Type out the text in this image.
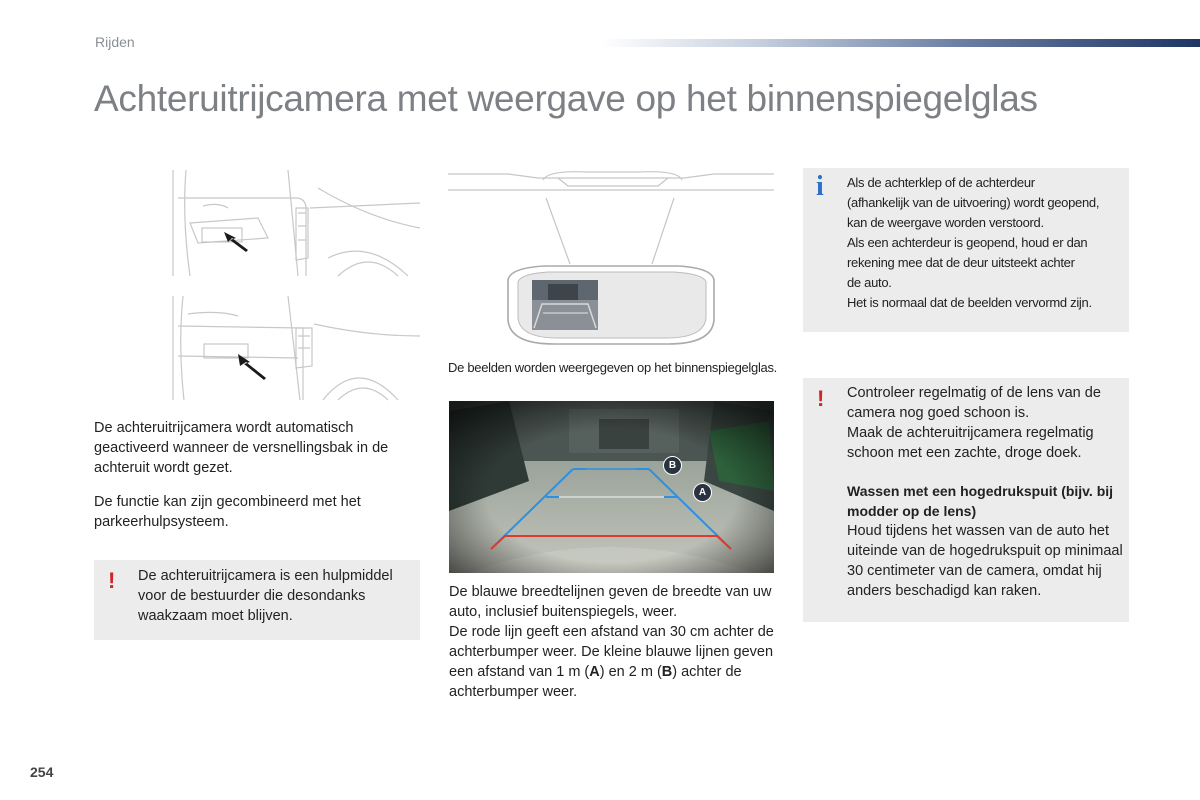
Rijden
Achteruitrijcamera met weergave op het binnenspiegelglas
De achteruitrijcamera wordt automatisch geactiveerd wanneer de versnellingsbak in de achteruit wordt gezet.
De functie kan zijn gecombineerd met het parkeerhulpsysteem.
! De achteruitrijcamera is een hulpmiddel voor de bestuurder die desondanks waakzaam moet blijven.
De beelden worden weergegeven op het binnenspiegelglas.
B
A
De blauwe breedtelijnen geven de breedte van uw auto, inclusief buitenspiegels, weer.
De rode lijn geeft een afstand van 30 cm achter de achterbumper weer. De kleine blauwe lijnen geven een afstand van 1 m (A) en 2 m (B) achter de achterbumper weer.
i Als de achterklep of de achterdeur
(afhankelijk van de uitvoering) wordt geopend,
kan de weergave worden verstoord.
Als een achterdeur is geopend, houd er dan
rekening mee dat de deur uitsteekt achter
de auto.
Het is normaal dat de beelden vervormd zijn.
! Controleer regelmatig of de lens van de camera nog goed schoon is.
Maak de achteruitrijcamera regelmatig schoon met een zachte, droge doek.
Wassen met een hogedrukspuit (bijv. bij modder op de lens)
Houd tijdens het wassen van de auto het uiteinde van de hogedrukspuit op minimaal 30 centimeter van de camera, omdat hij anders beschadigd kan raken.
254
